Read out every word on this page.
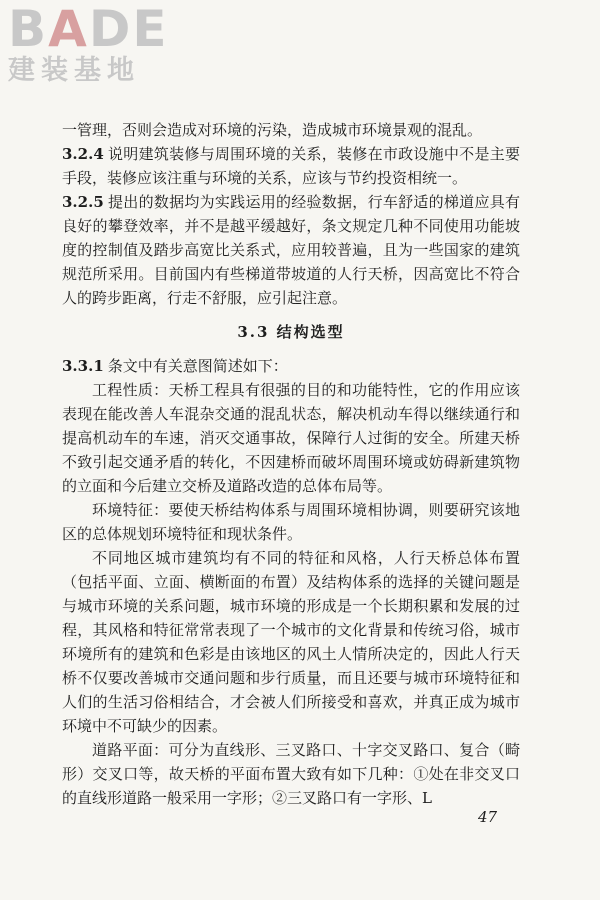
BADE
建装基地

一管理，否则会造成对环境的污染，造成城市环境景观的混乱。

3.2.4 说明建筑装修与周围环境的关系，装修在市政设施中不是主要手段，装修应该注重与环境的关系，应该与节约投资相统一。

3.2.5 提出的数据均为实践运用的经验数据，行车舒适的梯道应具有良好的攀登效率，并不是越平缓越好，条文规定几种不同使用功能坡度的控制值及踏步高宽比关系式，应用较普遍，且为一些国家的建筑规范所采用。目前国内有些梯道带坡道的人行天桥，因高宽比不符合人的跨步距离，行走不舒服，应引起注意。

3.3 结构选型

3.3.1 条文中有关意图简述如下：

工程性质：天桥工程具有很强的目的和功能特性，它的作用应该表现在能改善人车混杂交通的混乱状态，解决机动车得以继续通行和提高机动车的车速，消灭交通事故，保障行人过街的安全。所建天桥不致引起交通矛盾的转化，不因建桥而破坏周围环境或妨碍新建筑物的立面和今后建立交桥及道路改造的总体布局等。

环境特征：要使天桥结构体系与周围环境相协调，则要研究该地区的总体规划环境特征和现状条件。

不同地区城市建筑均有不同的特征和风格，人行天桥总体布置（包括平面、立面、横断面的布置）及结构体系的选择的关键问题是与城市环境的关系问题，城市环境的形成是一个长期积累和发展的过程，其风格和特征常常表现了一个城市的文化背景和传统习俗，城市环境所有的建筑和色彩是由该地区的风土人情所决定的，因此人行天桥不仅要改善城市交通问题和步行质量，而且还要与城市环境特征和人们的生活习俗相结合，才会被人们所接受和喜欢，并真正成为城市环境中不可缺少的因素。

道路平面：可分为直线形、三叉路口、十字交叉路口、复合（畸形）交叉口等，故天桥的平面布置大致有如下几种：①处在非交叉口的直线形道路一般采用一字形；②三叉路口有一字形、L

47
